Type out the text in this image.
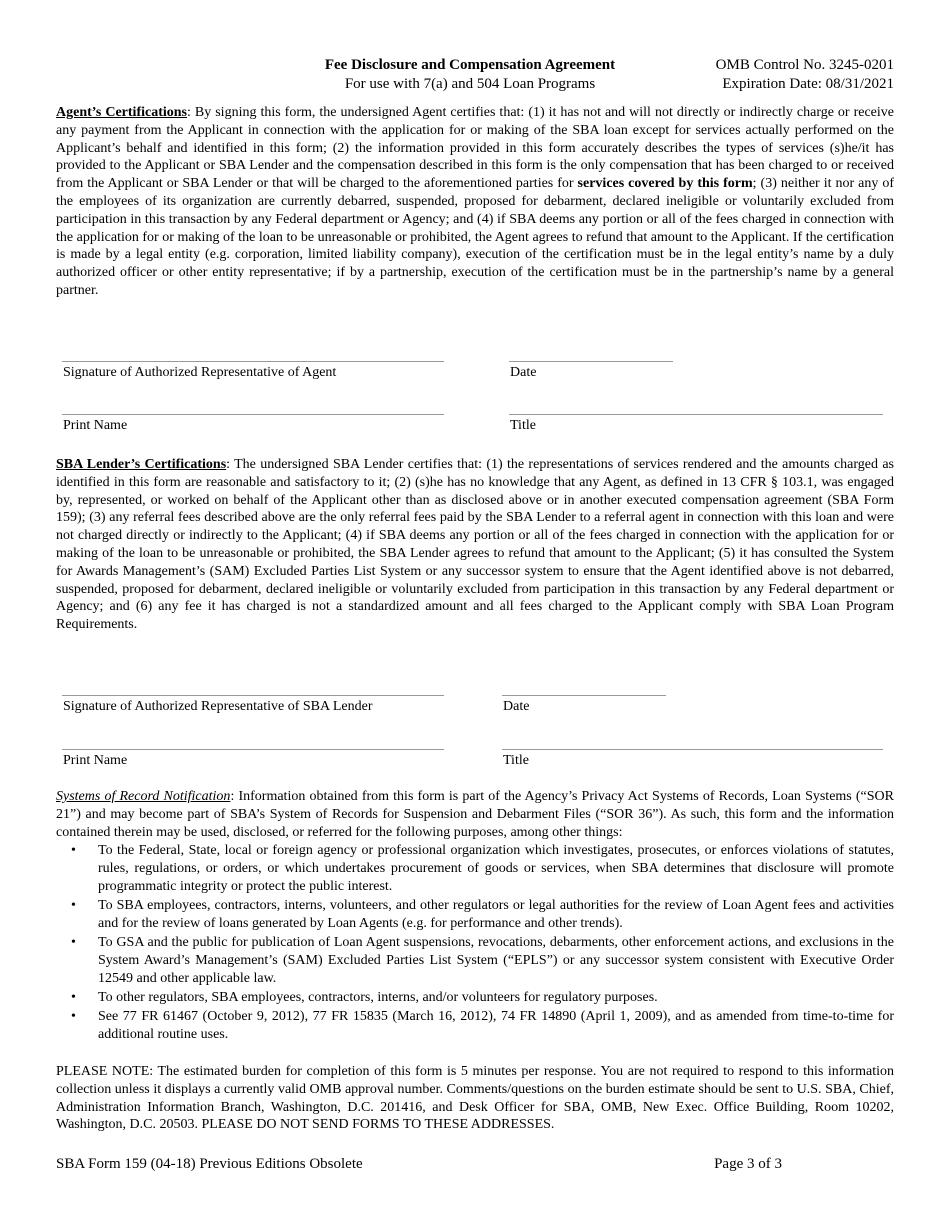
Fee Disclosure and Compensation Agreement
For use with 7(a) and 504 Loan Programs
OMB Control No. 3245-0201
Expiration Date: 08/31/2021
Agent’s Certifications: By signing this form, the undersigned Agent certifies that: (1) it has not and will not directly or indirectly charge or receive any payment from the Applicant in connection with the application for or making of the SBA loan except for services actually performed on the Applicant’s behalf and identified in this form; (2) the information provided in this form accurately describes the types of services (s)he/it has provided to the Applicant or SBA Lender and the compensation described in this form is the only compensation that has been charged to or received from the Applicant or SBA Lender or that will be charged to the aforementioned parties for services covered by this form; (3) neither it nor any of the employees of its organization are currently debarred, suspended, proposed for debarment, declared ineligible or voluntarily excluded from participation in this transaction by any Federal department or Agency; and (4) if SBA deems any portion or all of the fees charged in connection with the application for or making of the loan to be unreasonable or prohibited, the Agent agrees to refund that amount to the Applicant. If the certification is made by a legal entity (e.g. corporation, limited liability company), execution of the certification must be in the legal entity’s name by a duly authorized officer or other entity representative; if by a partnership, execution of the certification must be in the partnership’s name by a general partner.
Signature of Authorized Representative of Agent	Date
Print Name	Title
SBA Lender’s Certifications: The undersigned SBA Lender certifies that: (1) the representations of services rendered and the amounts charged as identified in this form are reasonable and satisfactory to it; (2) (s)he has no knowledge that any Agent, as defined in 13 CFR § 103.1, was engaged by, represented, or worked on behalf of the Applicant other than as disclosed above or in another executed compensation agreement (SBA Form 159); (3) any referral fees described above are the only referral fees paid by the SBA Lender to a referral agent in connection with this loan and were not charged directly or indirectly to the Applicant; (4) if SBA deems any portion or all of the fees charged in connection with the application for or making of the loan to be unreasonable or prohibited, the SBA Lender agrees to refund that amount to the Applicant; (5) it has consulted the System for Awards Management’s (SAM) Excluded Parties List System or any successor system to ensure that the Agent identified above is not debarred, suspended, proposed for debarment, declared ineligible or voluntarily excluded from participation in this transaction by any Federal department or Agency; and (6) any fee it has charged is not a standardized amount and all fees charged to the Applicant comply with SBA Loan Program Requirements.
Signature of Authorized Representative of SBA Lender	Date
Print Name	Title
Systems of Record Notification: Information obtained from this form is part of the Agency’s Privacy Act Systems of Records, Loan Systems (“SOR 21”) and may become part of SBA’s System of Records for Suspension and Debarment Files (“SOR 36”). As such, this form and the information contained therein may be used, disclosed, or referred for the following purposes, among other things:
• To the Federal, State, local or foreign agency or professional organization which investigates, prosecutes, or enforces violations of statutes, rules, regulations, or orders, or which undertakes procurement of goods or services, when SBA determines that disclosure will promote programmatic integrity or protect the public interest.
• To SBA employees, contractors, interns, volunteers, and other regulators or legal authorities for the review of Loan Agent fees and activities and for the review of loans generated by Loan Agents (e.g. for performance and other trends).
• To GSA and the public for publication of Loan Agent suspensions, revocations, debarments, other enforcement actions, and exclusions in the System Award’s Management’s (SAM) Excluded Parties List System (“EPLS”) or any successor system consistent with Executive Order 12549 and other applicable law.
• To other regulators, SBA employees, contractors, interns, and/or volunteers for regulatory purposes.
• See 77 FR 61467 (October 9, 2012), 77 FR 15835 (March 16, 2012), 74 FR 14890 (April 1, 2009), and as amended from time-to-time for additional routine uses.
PLEASE NOTE: The estimated burden for completion of this form is 5 minutes per response. You are not required to respond to this information collection unless it displays a currently valid OMB approval number. Comments/questions on the burden estimate should be sent to U.S. SBA, Chief, Administration Information Branch, Washington, D.C. 201416, and Desk Officer for SBA, OMB, New Exec. Office Building, Room 10202, Washington, D.C. 20503. PLEASE DO NOT SEND FORMS TO THESE ADDRESSES.
SBA Form 159 (04-18) Previous Editions Obsolete	Page 3 of 3
